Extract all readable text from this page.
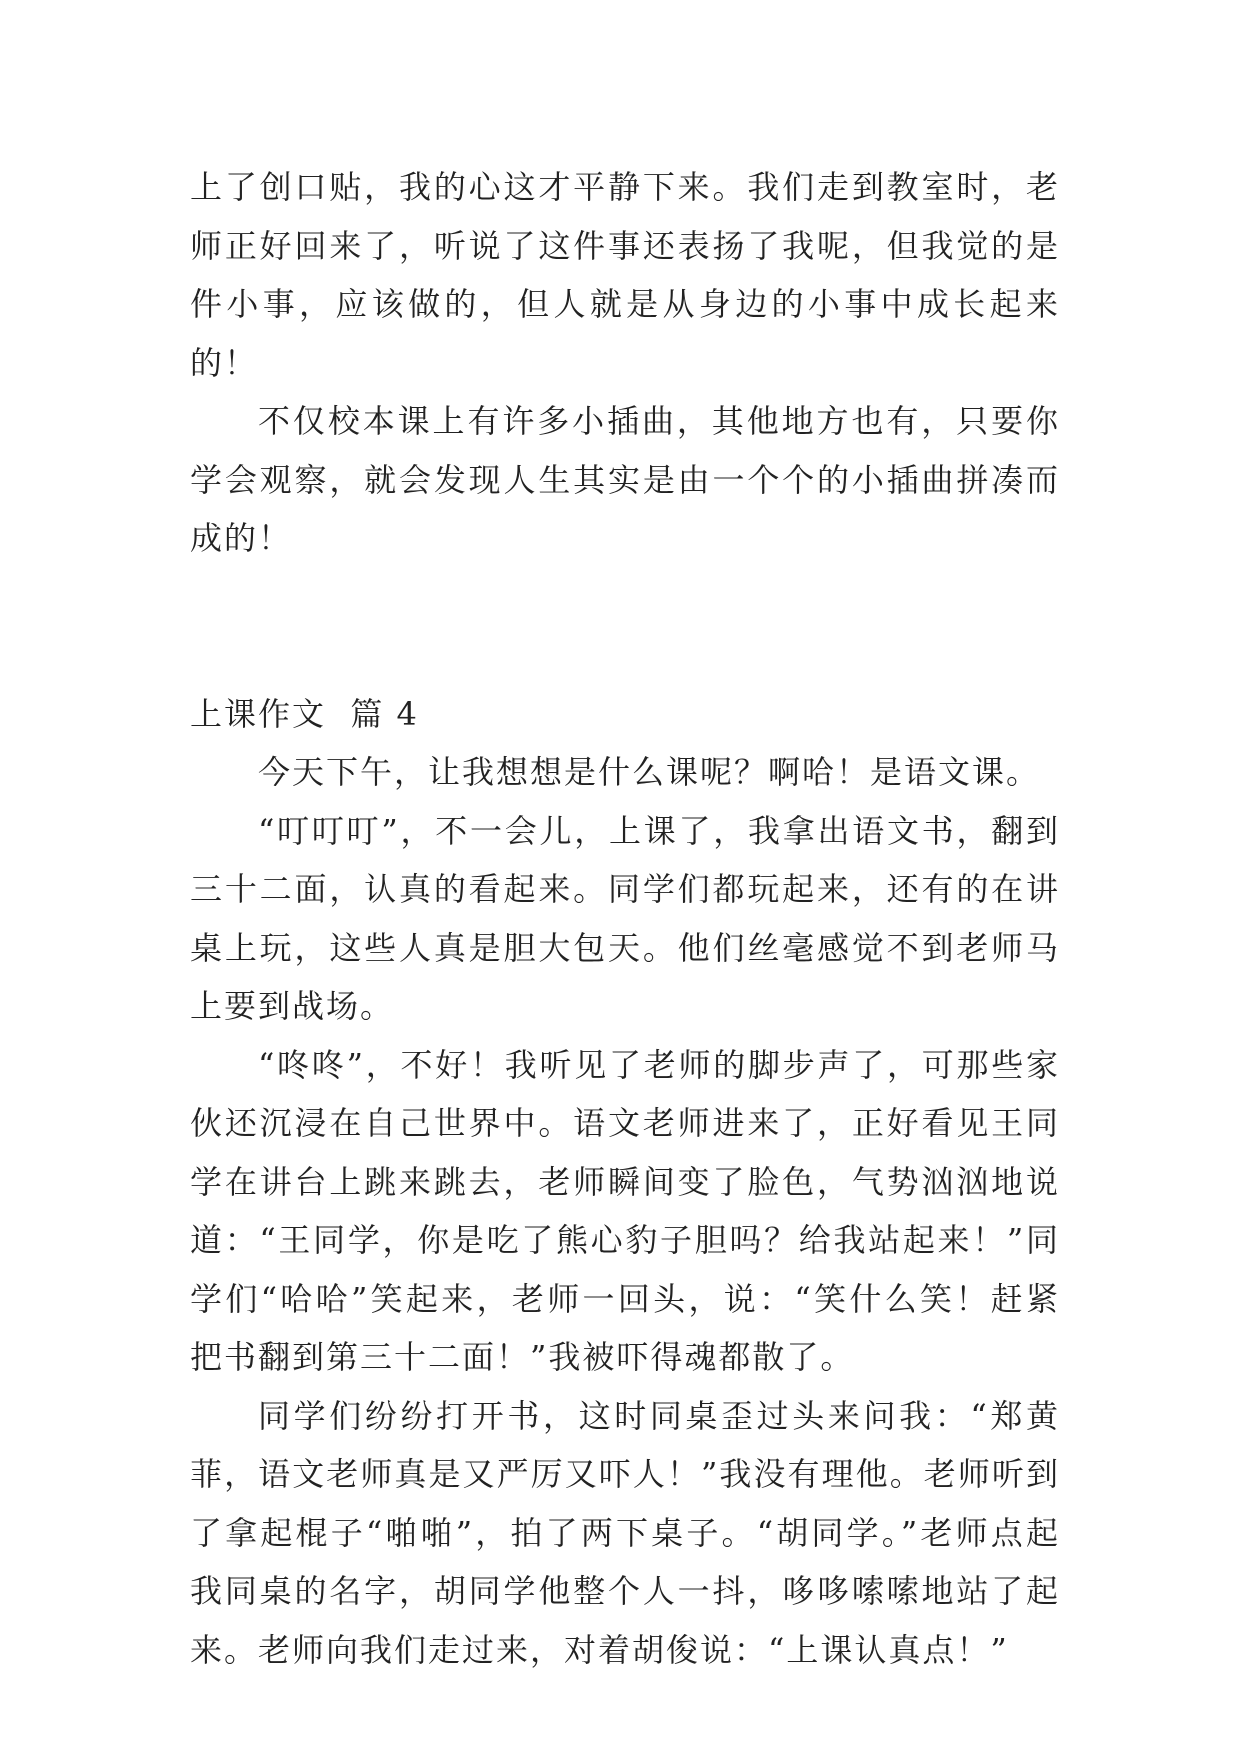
上了创口贴，我的心这才平静下来。我们走到教室时，老师正好回来了，听说了这件事还表扬了我呢，但我觉的是件小事，应该做的，但人就是从身边的小事中成长起来的！

不仅校本课上有许多小插曲，其他地方也有，只要你学会观察，就会发现人生其实是由一个个的小插曲拼凑而成的！

上课作文  篇 4

今天下午，让我想想是什么课呢？啊哈！是语文课。

“叮叮叮”，不一会儿，上课了，我拿出语文书，翻到三十二面，认真的看起来。同学们都玩起来，还有的在讲桌上玩，这些人真是胆大包天。他们丝毫感觉不到老师马上要到战场。

“咚咚”，不好！我听见了老师的脚步声了，可那些家伙还沉浸在自己世界中。语文老师进来了，正好看见王同学在讲台上跳来跳去，老师瞬间变了脸色，气势汹汹地说道：“王同学，你是吃了熊心豹子胆吗？给我站起来！”同学们“哈哈”笑起来，老师一回头，说：“笑什么笑！赶紧把书翻到第三十二面！”我被吓得魂都散了。

同学们纷纷打开书，这时同桌歪过头来问我：“郑黄菲，语文老师真是又严厉又吓人！”我没有理他。老师听到了拿起棍子“啪啪”，拍了两下桌子。“胡同学。”老师点起我同桌的名字，胡同学他整个人一抖，哆哆嗦嗦地站了起来。老师向我们走过来，对着胡俊说：“上课认真点！”
